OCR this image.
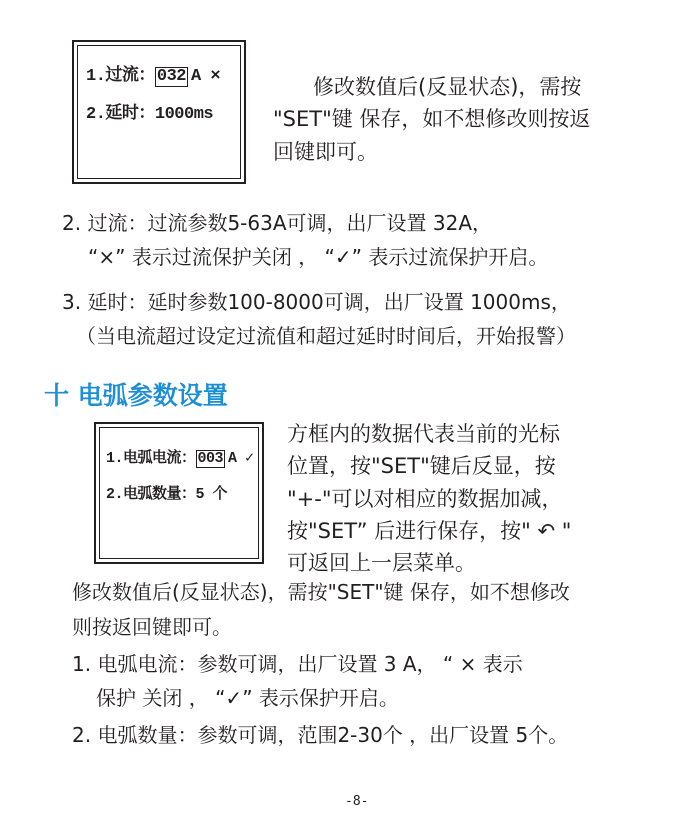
1.过流： 032 A ×
2.延时：1000ms
修改数值后(反显状态)，需按
"SET"键 保存，如不想修改则按返
回键即可。
2. 过流：过流参数5-63A可调，出厂设置 32A，
“×” 表示过流保护关闭 ， “✓” 表示过流保护开启。
3. 延时：延时参数100-8000可调，出厂设置 1000ms，
（当电流超过设定过流值和超过延时时间后，开始报警）
十 电弧参数设置
1.电弧电流： 003 A ✓
2.电弧数量：5 个
方框内的数据代表当前的光标
位置，按"SET"键后反显，按
"+-"可以对相应的数据加减，
按"SET” 后进行保存，按" ↶ "
可返回上一层菜单。
修改数值后(反显状态)，需按"SET"键 保存，如不想修改
则按返回键即可。
1. 电弧电流：参数可调，出厂设置 3 A， “ × 表示
保护 关闭 ， “✓” 表示保护开启。
2. 电弧数量：参数可调，范围2-30个 ，出厂设置 5个。
-8-
